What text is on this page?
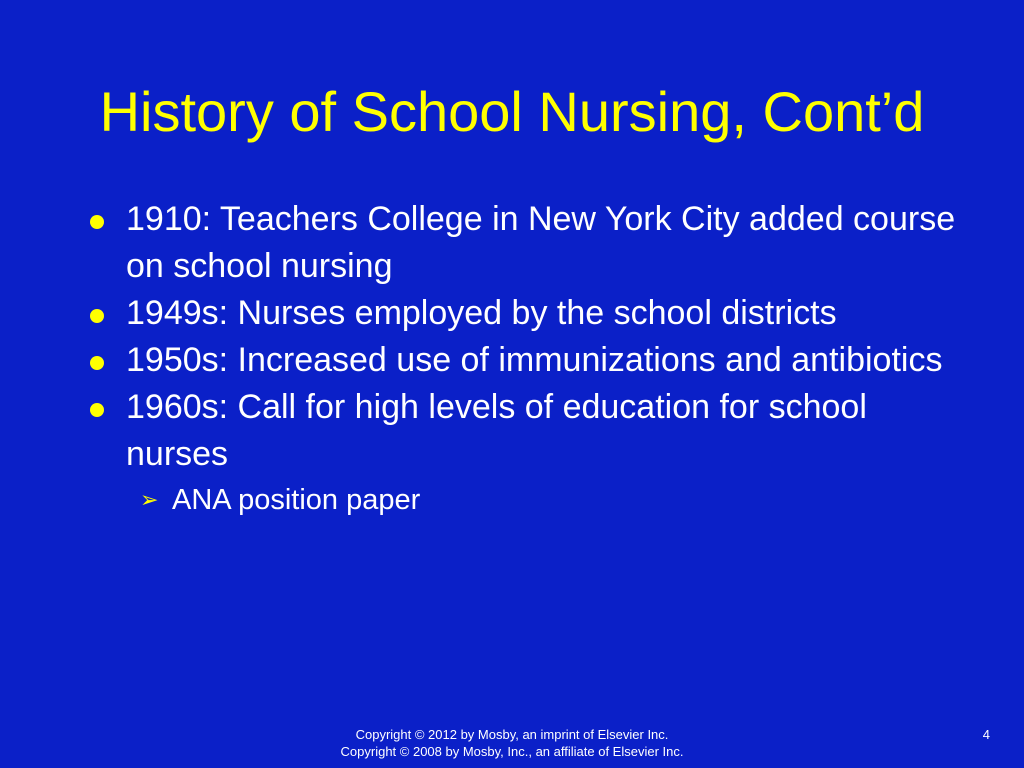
History of School Nursing, Cont’d
1910: Teachers College in New York City added course on school nursing
1949s: Nurses employed by the school districts
1950s: Increased use of immunizations and antibiotics
1960s: Call for high levels of education for school nurses
➢ ANA position paper
Copyright © 2012 by Mosby, an imprint of Elsevier Inc.
Copyright © 2008 by Mosby, Inc., an affiliate of Elsevier Inc.
4
